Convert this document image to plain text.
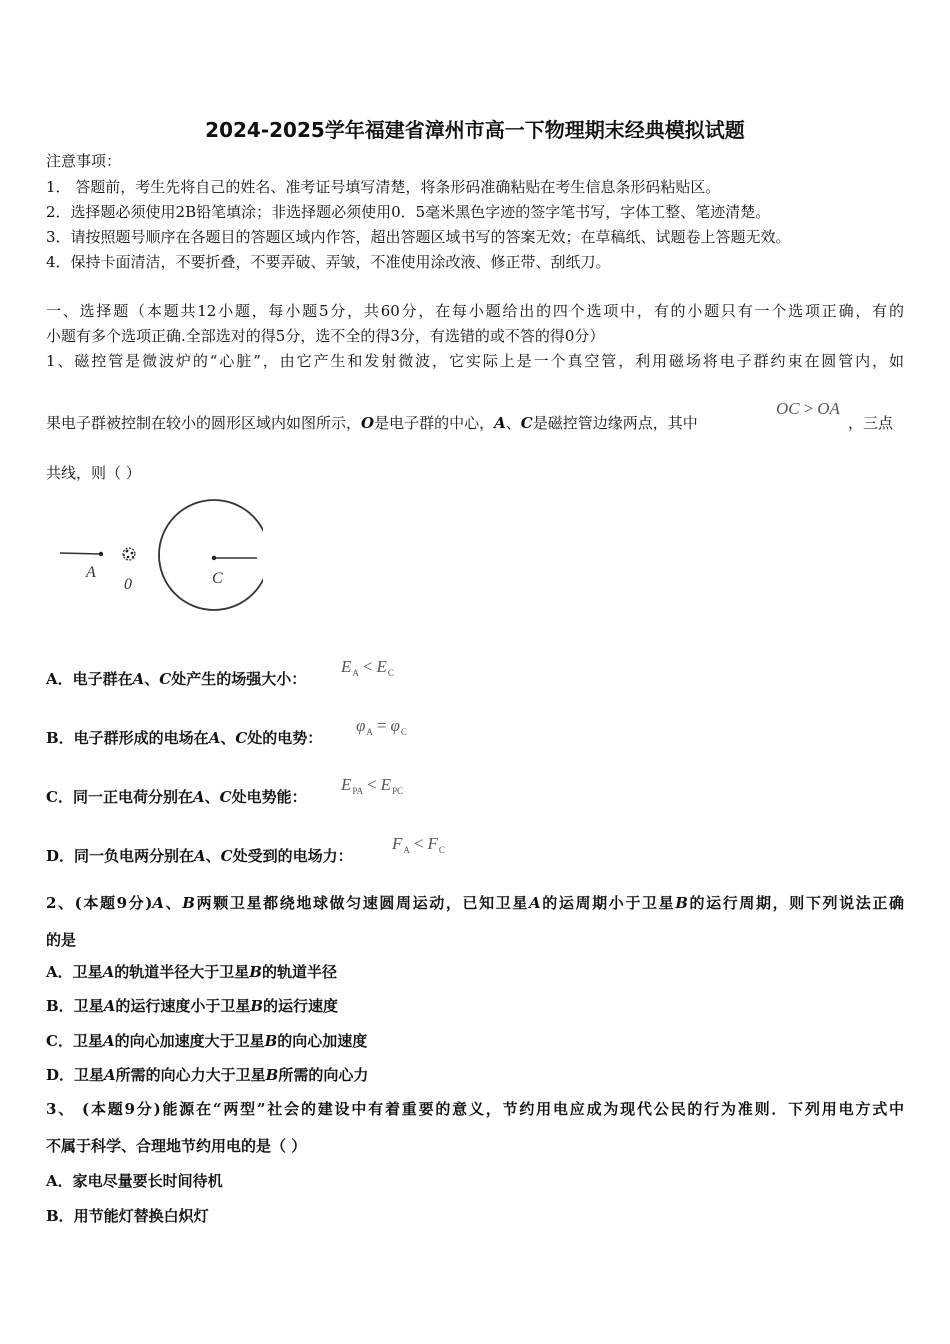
2024-2025学年福建省漳州市高一下物理期末经典模拟试题
注意事项：
1． 答题前，考生先将自己的姓名、准考证号填写清楚，将条形码准确粘贴在考生信息条形码粘贴区。
2．选择题必须使用2B铅笔填涂；非选择题必须使用0．5毫米黑色字迹的签字笔书写，字体工整、笔迹清楚。
3．请按照题号顺序在各题目的答题区域内作答，超出答题区域书写的答案无效；在草稿纸、试题卷上答题无效。
4．保持卡面清洁，不要折叠，不要弄破、弄皱，不准使用涂改液、修正带、刮纸刀。
一、选择题（本题共12小题，每小题5分，共60分，在每小题给出的四个选项中，有的小题只有一个选项正确，有的
小题有多个选项正确.全部选对的得5分，选不全的得3分，有选错的或不答的得0分）
1、磁控管是微波炉的“心脏”，由它产生和发射微波，它实际上是一个真空管，利用磁场将电子群约束在圆管内，如
果电子群被控制在较小的圆形区域内如图所示，O是电子群的中心，A、C是磁控管边缘两点，其中
OC > OA
，三点
共线，则（ ）
A
0	C
A．电子群在A、C处产生的场强大小：
$E_A < E_C$
B．电子群形成的电场在A、C处的电势：
$\varphi_A = \varphi_C$
C．同一正电荷分别在A、C处电势能：
$E_{PA} < E_{PC}$
D．同一负电两分别在A、C处受到的电场力：
$F_A < F_C$
2、(本题9分)A、B两颗卫星都绕地球做匀速圆周运动，已知卫星A的运周期小于卫星B的运行周期，则下列说法正确
的是
A．卫星A的轨道半径大于卫星B的轨道半径
B．卫星A的运行速度小于卫星B的运行速度
C．卫星A的向心加速度大于卫星B的向心加速度
D．卫星A所需的向心力大于卫星B所需的向心力
3、 (本题9分)能源在“两型”社会的建设中有着重要的意义，节约用电应成为现代公民的行为准则．下列用电方式中
不属于科学、合理地节约用电的是（ ）
A．家电尽量要长时间待机
B．用节能灯替换白炽灯
